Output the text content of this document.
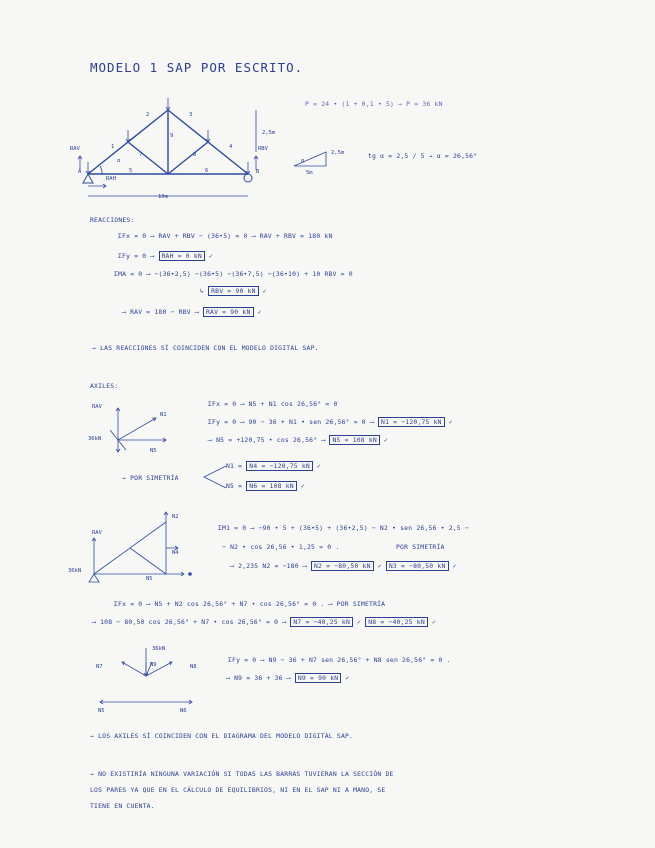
MODELO 1 SAP POR ESCRITO.
1
2	3
4
5	6
7	8
9
A	B
α
RAV
RAH
RBV
2,5m
10m
P = 24 • (1 + 0,1 • 5) → P = 36 kN
2,5m
5m
α
tg α = 2,5 / 5 → α = 26,56°
REACCIONES:
ΣFx = 0 ⟶ RAV + RBV − (36•5) = 0 ⟶ RAV + RBV = 180 kN
ΣFy = 0 ⟶ RAH = 0 kN ✓
ΣMA = 0 ⟶ −(36•2,5) −(36•5) −(36•7,5) −(36•10) + 10 RBV = 0
↳ RBV = 90 kN ✓
⟶ RAV = 180 − RBV ⟶ RAV = 90 kN ✓
→ LAS REACCIONES SÍ COINCIDEN CON EL MODELO DIGITAL SAP.
AXILES:
RAV
N1
36kN
N5
ΣFx = 0 ⟶ N5 + N1 cos 26,56° = 0
ΣFy = 0 ⟶ 90 − 36 + N1 • sen 26,56° = 0 ⟶ N1 = −120,75 kN ✓
⟶ N5 = +120,75 • cos 26,56° ⟶ N5 = 108 kN ✓
→ POR SIMETRÍA
N1 = N4 = −120,75 kN ✓
N5 = N6 = 108 kN ✓
RAV
N2
N4
36kN
N5
ΣM1 = 0 ⟶ −90 • 5 + (36•5) + (36•2,5) − N2 • sen 26,56 • 2,5 −
− N2 • cos 26,56 • 1,25 = 0 .	POR SIMETRÍA
⟶ 2,235 N2 = −180 ⟶ N2 = −80,50 kN ✓ N3 = −80,50 kN ✓
ΣFx = 0 ⟶ N5 + N2 cos 26,56° + N7 • cos 26,56° = 0 . ⟶ POR SIMETRÍA
⟶ 108 − 80,50 cos 26,56° + N7 • cos 26,56° = 0 ⟶ N7 = −40,25 kN ✓ N8 = −40,25 kN ✓
36kN
N7	N9	N8
N5	N6
ΣFy = 0 ⟶ N9 − 36 + N7 sen 26,56° + N8 sen 26,56° = 0 .
⟶ N9 = 36 + 36 ⟶ N9 = 90 kN ✓
→ LOS AXILES SÍ COINCIDEN CON EL DIAGRAMA DEL MODELO DIGITAL SAP.
→ NO EXISTIRÍA NINGUNA VARIACIÓN SI TODAS LAS BARRAS TUVIERAN LA SECCIÓN DE
LOS PARES YA QUE EN EL CÁLCULO DE EQUILIBRIOS, NI EN EL SAP NI A MANO, SE
TIENE EN CUENTA.
